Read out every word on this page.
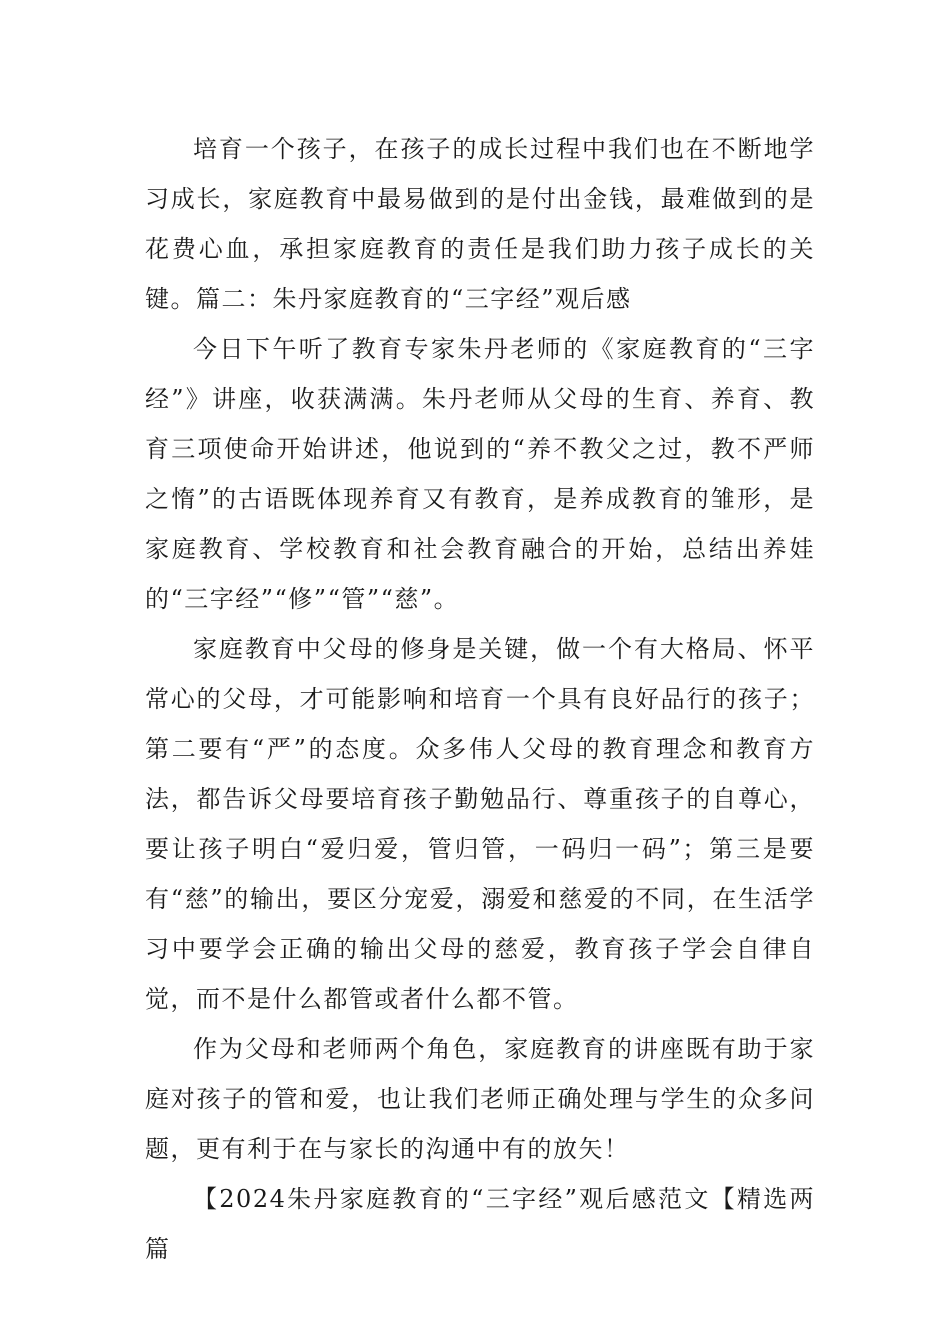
培育一个孩子，在孩子的成长过程中我们也在不断地学习成长，家庭教育中最易做到的是付出金钱，最难做到的是花费心血，承担家庭教育的责任是我们助力孩子成长的关键。篇二：朱丹家庭教育的“三字经”观后感

今日下午听了教育专家朱丹老师的《家庭教育的“三字经”》讲座，收获满满。朱丹老师从父母的生育、养育、教育三项使命开始讲述，他说到的“养不教父之过，教不严师之惰”的古语既体现养育又有教育，是养成教育的雏形，是家庭教育、学校教育和社会教育融合的开始，总结出养娃的“三字经”“修”“管”“慈”。

家庭教育中父母的修身是关键，做一个有大格局、怀平常心的父母，才可能影响和培育一个具有良好品行的孩子；第二要有“严”的态度。众多伟人父母的教育理念和教育方法，都告诉父母要培育孩子勤勉品行、尊重孩子的自尊心，要让孩子明白“爱归爱，管归管，一码归一码”；第三是要有“慈”的输出，要区分宠爱，溺爱和慈爱的不同，在生活学习中要学会正确的输出父母的慈爱，教育孩子学会自律自觉，而不是什么都管或者什么都不管。

作为父母和老师两个角色，家庭教育的讲座既有助于家庭对孩子的管和爱，也让我们老师正确处理与学生的众多问题，更有利于在与家长的沟通中有的放矢！

【2024朱丹家庭教育的“三字经”观后感范文【精选两篇
